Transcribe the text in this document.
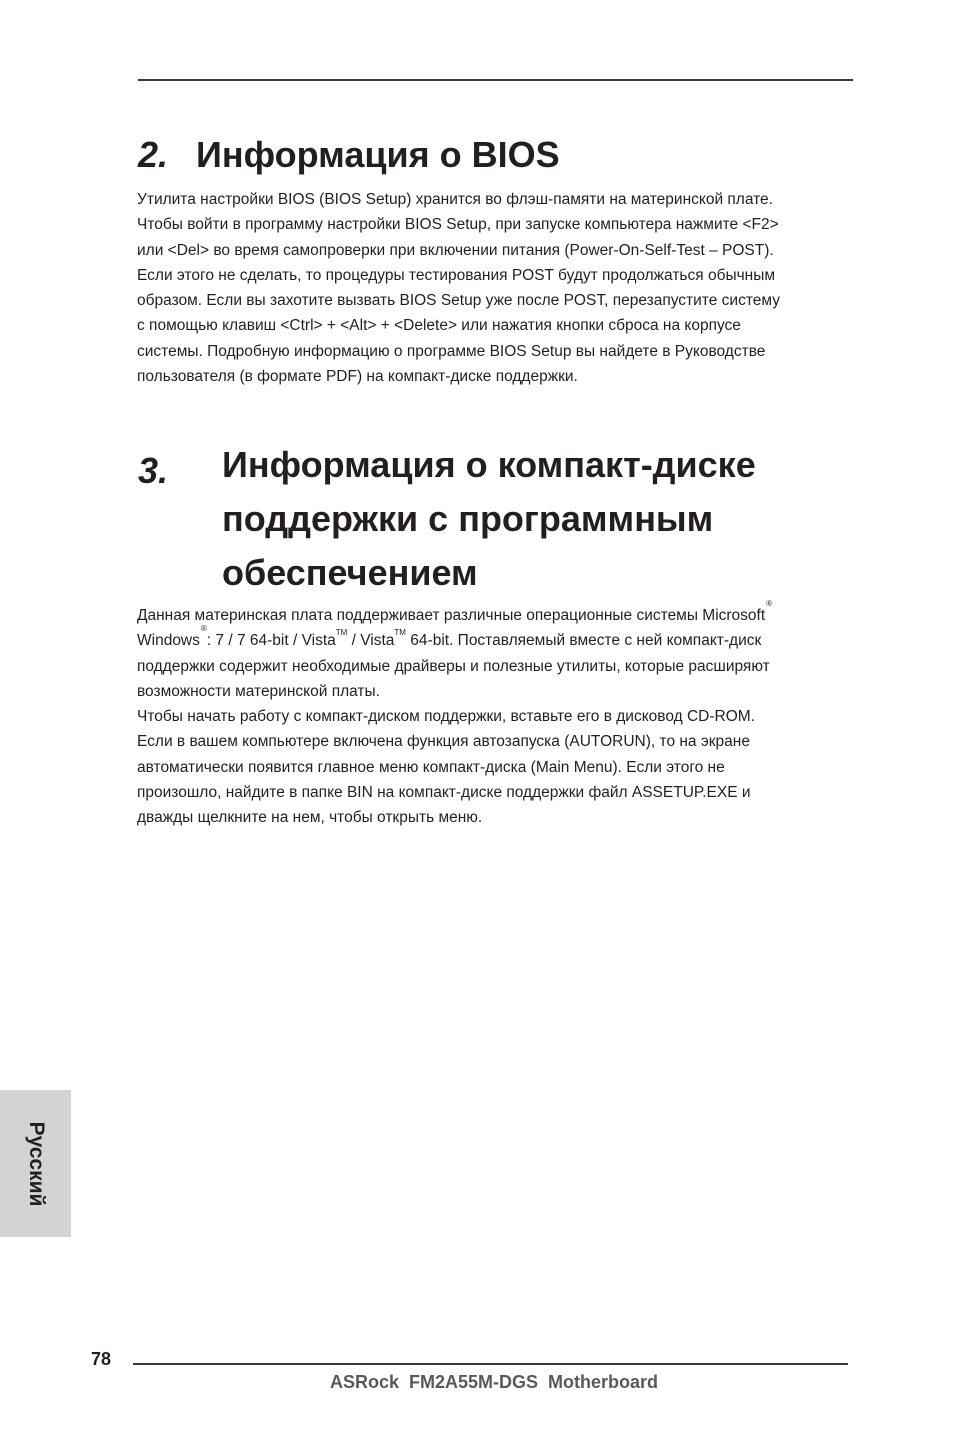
2. Информация о BIOS

Утилита настройки BIOS (BIOS Setup) хранится во флэш-памяти на материнской плате.
Чтобы войти в программу настройки BIOS Setup, при запуске компьютера нажмите <F2>
или <Del> во время самопроверки при включении питания (Power-On-Self-Test – POST).
Если этого не сделать, то процедуры тестирования POST будут продолжаться обычным
образом. Если вы захотите вызвать BIOS Setup уже после POST, перезапустите систему
с помощью клавиш <Ctrl> + <Alt> + <Delete> или нажатия кнопки сброса на корпусе
системы. Подробную информацию о программе BIOS Setup вы найдете в Руководстве
пользователя (в формате PDF) на компакт-диске поддержки.

3. Информация о компакт-диске
поддержки с программным
обеспечением

Данная материнская плата поддерживает различные операционные системы Microsoft®
Windows®: 7 / 7 64-bit / Vista™ / Vista™ 64-bit. Поставляемый вместе с ней компакт-диск
поддержки содержит необходимые драйверы и полезные утилиты, которые расширяют
возможности материнской платы.
Чтобы начать работу с компакт-диском поддержки, вставьте его в дисковод CD-ROM.
Если в вашем компьютере включена функция автозапуска (AUTORUN), то на экране
автоматически появится главное меню компакт-диска (Main Menu). Если этого не
произошло, найдите в папке BIN на компакт-диске поддержки файл ASSETUP.EXE и
дважды щелкните на нем, чтобы открыть меню.

Русский
78
ASRock  FM2A55M-DGS  Motherboard
